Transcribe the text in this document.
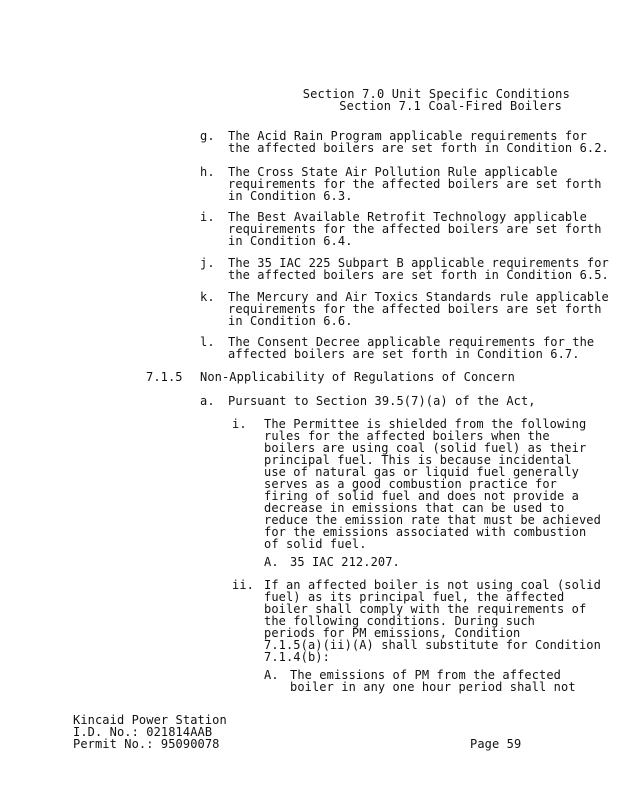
Section 7.0 Unit Specific Conditions
Section 7.1 Coal-Fired Boilers
g. The Acid Rain Program applicable requirements for
the affected boilers are set forth in Condition 6.2.
h. The Cross State Air Pollution Rule applicable
requirements for the affected boilers are set forth
in Condition 6.3.
i. The Best Available Retrofit Technology applicable
requirements for the affected boilers are set forth
in Condition 6.4.
j. The 35 IAC 225 Subpart B applicable requirements for
the affected boilers are set forth in Condition 6.5.
k. The Mercury and Air Toxics Standards rule applicable
requirements for the affected boilers are set forth
in Condition 6.6.
l. The Consent Decree applicable requirements for the
affected boilers are set forth in Condition 6.7.
7.1.5 Non-Applicability of Regulations of Concern
a. Pursuant to Section 39.5(7)(a) of the Act,
i. The Permittee is shielded from the following
rules for the affected boilers when the
boilers are using coal (solid fuel) as their
principal fuel. This is because incidental
use of natural gas or liquid fuel generally
serves as a good combustion practice for
firing of solid fuel and does not provide a
decrease in emissions that can be used to
reduce the emission rate that must be achieved
for the emissions associated with combustion
of solid fuel.
A. 35 IAC 212.207.
ii. If an affected boiler is not using coal (solid
fuel) as its principal fuel, the affected
boiler shall comply with the requirements of
the following conditions. During such
periods for PM emissions, Condition
7.1.5(a)(ii)(A) shall substitute for Condition
7.1.4(b):
A. The emissions of PM from the affected
boiler in any one hour period shall not
Kincaid Power Station
I.D. No.: 021814AAB
Permit No.: 95090078	Page 59
